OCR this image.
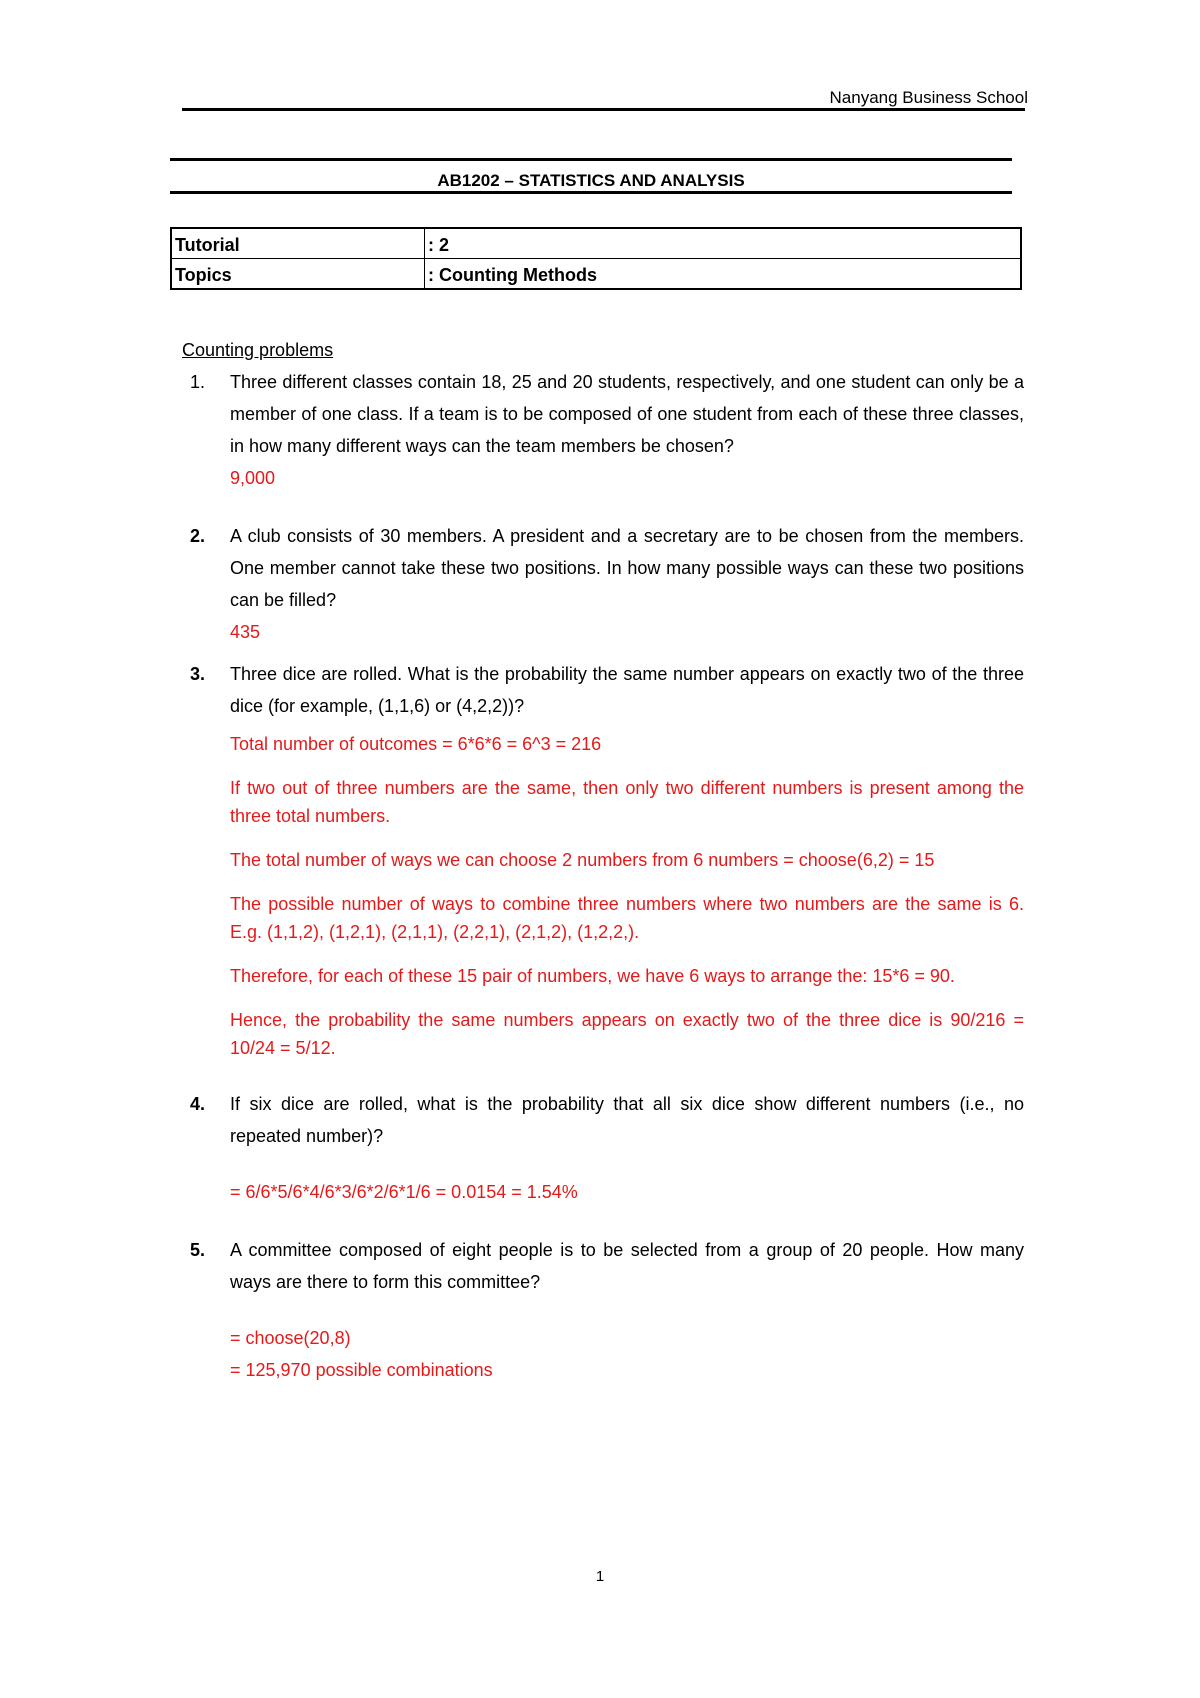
Nanyang Business School
AB1202 – STATISTICS AND ANALYSIS
Tutorial	: 2
Topics	: Counting Methods

Counting problems

1. Three different classes contain 18, 25 and 20 students, respectively, and one student can only be a member of one class. If a team is to be composed of one student from each of these three classes, in how many different ways can the team members be chosen?
9,000
2. A club consists of 30 members. A president and a secretary are to be chosen from the members. One member cannot take these two positions. In how many possible ways can these two positions can be filled?
435
3. Three dice are rolled. What is the probability the same number appears on exactly two of the three dice (for example, (1,1,6) or (4,2,2))?
Total number of outcomes = 6*6*6 = 6^3 = 216
If two out of three numbers are the same, then only two different numbers is present among the three total numbers.
The total number of ways we can choose 2 numbers from 6 numbers = choose(6,2) = 15
The possible number of ways to combine three numbers where two numbers are the same is 6. E.g. (1,1,2), (1,2,1), (2,1,1), (2,2,1), (2,1,2), (1,2,2,).
Therefore, for each of these 15 pair of numbers, we have 6 ways to arrange the: 15*6 = 90.
Hence, the probability the same numbers appears on exactly two of the three dice is 90/216 = 10/24 = 5/12.
4. If six dice are rolled, what is the probability that all six dice show different numbers (i.e., no repeated number)?
= 6/6*5/6*4/6*3/6*2/6*1/6 = 0.0154 = 1.54%
5. A committee composed of eight people is to be selected from a group of 20 people. How many ways are there to form this committee?
= choose(20,8)
= 125,970 possible combinations
1
